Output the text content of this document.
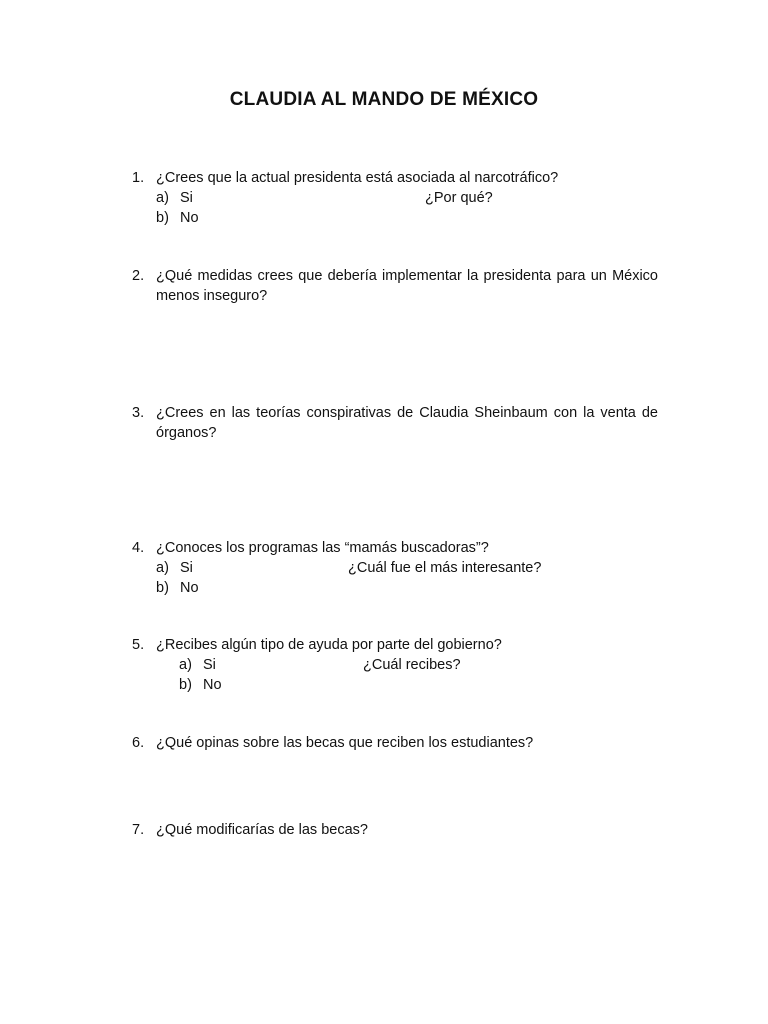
CLAUDIA AL MANDO DE MÉXICO
1. ¿Crees que la actual presidenta está asociada al narcotráfico?
a) Si	¿Por qué?
b) No
2. ¿Qué medidas crees que debería implementar la presidenta para un México menos inseguro?
3. ¿Crees en las teorías conspirativas de Claudia Sheinbaum con la venta de órganos?
4. ¿Conoces los programas las “mamás buscadoras”?
a) Si	¿Cuál fue el más interesante?
b) No
5. ¿Recibes algún tipo de ayuda por parte del gobierno?
a) Si	¿Cuál recibes?
b) No
6. ¿Qué opinas sobre las becas que reciben los estudiantes?
7. ¿Qué modificarías de las becas?
